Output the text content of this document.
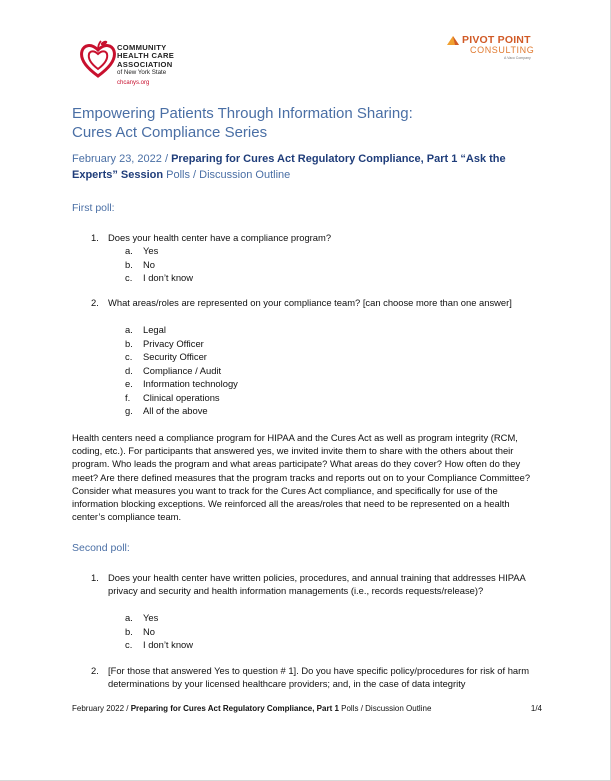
COMMUNITY
HEALTH CARE
ASSOCIATION
of New York State
chcanys.org
PIVOT POINT
CONSULTING
A Vaco Company
Empowering Patients Through Information Sharing:
Cures Act Compliance Series
February 23, 2022 / Preparing for Cures Act Regulatory Compliance, Part 1 “Ask the Experts” Session Polls / Discussion Outline
First poll:
1. Does your health center have a compliance program?
a. Yes
b. No
c. I don’t know
2. What areas/roles are represented on your compliance team? [can choose more than one answer]
a. Legal
b. Privacy Officer
c. Security Officer
d. Compliance / Audit
e. Information technology
f. Clinical operations
g. All of the above
Health centers need a compliance program for HIPAA and the Cures Act as well as program integrity (RCM, coding, etc.). For participants that answered yes, we invited invite them to share with the others about their program. Who leads the program and what areas participate? What areas do they cover? How often do they meet? Are there defined measures that the program tracks and reports out on to your Compliance Committee? Consider what measures you want to track for the Cures Act compliance, and specifically for use of the information blocking exceptions. We reinforced all the areas/roles that need to be represented on a health center’s compliance team.
Second poll:
1. Does your health center have written policies, procedures, and annual training that addresses HIPAA privacy and security and health information managements (i.e., records requests/release)?
a. Yes
b. No
c. I don’t know
2. [For those that answered Yes to question # 1]. Do you have specific policy/procedures for risk of harm determinations by your licensed healthcare providers; and, in the case of data integrity
February 2022 / Preparing for Cures Act Regulatory Compliance, Part 1 Polls / Discussion Outline	1/4
